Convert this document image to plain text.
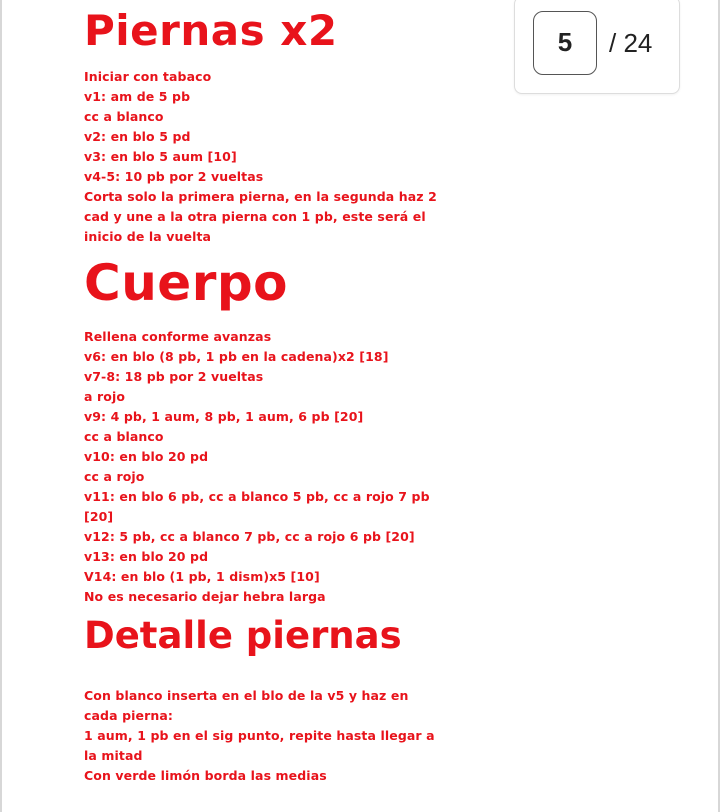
Piernas x2
Iniciar con tabaco
v1: am de 5 pb
cc a blanco
v2: en blo 5 pd
v3: en blo 5 aum [10]
v4-5: 10 pb por 2 vueltas
Corta solo la primera pierna, en la segunda haz 2
cad y une a la otra pierna con 1 pb, este será el
inicio de la vuelta
Cuerpo
Rellena conforme avanzas
v6: en blo (8 pb, 1 pb en la cadena)x2 [18]
v7-8: 18 pb por 2 vueltas
a rojo
v9: 4 pb, 1 aum, 8 pb, 1 aum, 6 pb [20]
cc a blanco
v10: en blo 20 pd
cc a rojo
v11: en blo 6 pb, cc a blanco 5 pb, cc a rojo 7 pb
[20]
v12: 5 pb, cc a blanco 7 pb, cc a rojo 6 pb [20]
v13: en blo 20 pd
V14: en blo (1 pb, 1 dism)x5 [10]
No es necesario dejar hebra larga
Detalle piernas
Con blanco inserta en el blo de la v5 y haz en
cada pierna:
1 aum, 1 pb en el sig punto, repite hasta llegar a
la mitad
Con verde limón borda las medias
5	/ 24
